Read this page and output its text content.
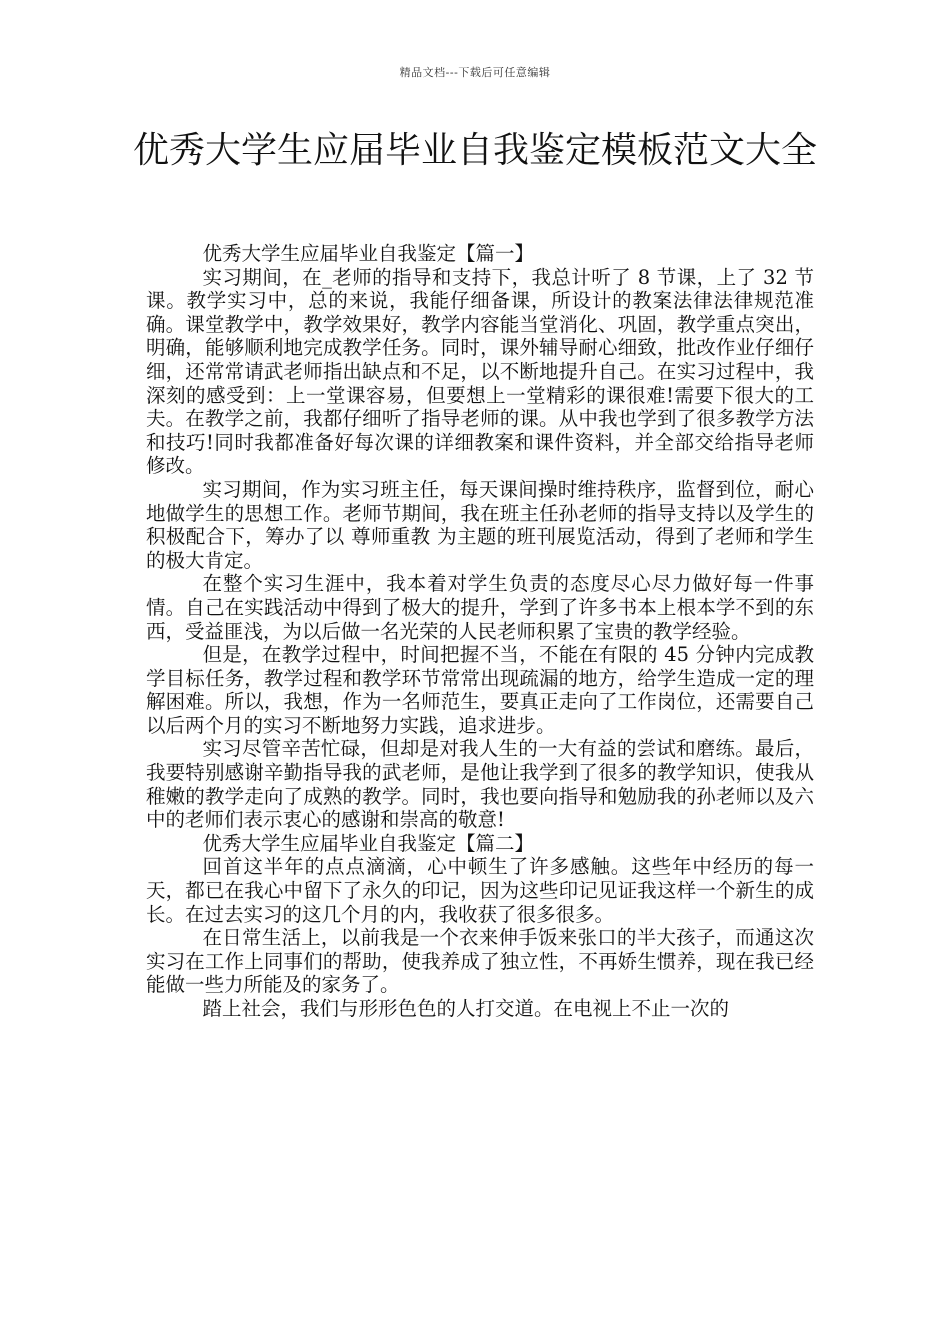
精品文档---下载后可任意编辑
优秀大学生应届毕业自我鉴定模板范文大全

优秀大学生应届毕业自我鉴定【篇一】

实习期间，在_老师的指导和支持下，我总计听了 8 节课，上了 32 节课。教学实习中，总的来说，我能仔细备课，所设计的教案法律法律规范准确。课堂教学中，教学效果好，教学内容能当堂消化、巩固，教学重点突出，明确，能够顺利地完成教学任务。同时，课外辅导耐心细致，批改作业仔细仔细，还常常请武老师指出缺点和不足，以不断地提升自己。在实习过程中，我深刻的感受到：上一堂课容易，但要想上一堂精彩的课很难!需要下很大的工夫。在教学之前，我都仔细听了指导老师的课。从中我也学到了很多教学方法和技巧!同时我都准备好每次课的详细教案和课件资料，并全部交给指导老师修改。

实习期间，作为实习班主任，每天课间操时维持秩序，监督到位，耐心地做学生的思想工作。老师节期间，我在班主任孙老师的指导支持以及学生的积极配合下，筹办了以 尊师重教 为主题的班刊展览活动，得到了老师和学生的极大肯定。

在整个实习生涯中，我本着对学生负责的态度尽心尽力做好每一件事情。自己在实践活动中得到了极大的提升，学到了许多书本上根本学不到的东西，受益匪浅，为以后做一名光荣的人民老师积累了宝贵的教学经验。

但是，在教学过程中，时间把握不当，不能在有限的 45 分钟内完成教学目标任务，教学过程和教学环节常常出现疏漏的地方，给学生造成一定的理解困难。所以，我想，作为一名师范生，要真正走向了工作岗位，还需要自己以后两个月的实习不断地努力实践，追求进步。

实习尽管辛苦忙碌，但却是对我人生的一大有益的尝试和磨练。最后，我要特别感谢辛勤指导我的武老师，是他让我学到了很多的教学知识，使我从稚嫩的教学走向了成熟的教学。同时，我也要向指导和勉励我的孙老师以及六中的老师们表示衷心的感谢和崇高的敬意!

优秀大学生应届毕业自我鉴定【篇二】

回首这半年的点点滴滴，心中顿生了许多感触。这些年中经历的每一天，都已在我心中留下了永久的印记，因为这些印记见证我这样一个新生的成长。在过去实习的这几个月的内，我收获了很多很多。

在日常生活上，以前我是一个衣来伸手饭来张口的半大孩子，而通这次实习在工作上同事们的帮助，使我养成了独立性，不再娇生惯养，现在我已经能做一些力所能及的家务了。

踏上社会，我们与形形色色的人打交道。在电视上不止一次的
